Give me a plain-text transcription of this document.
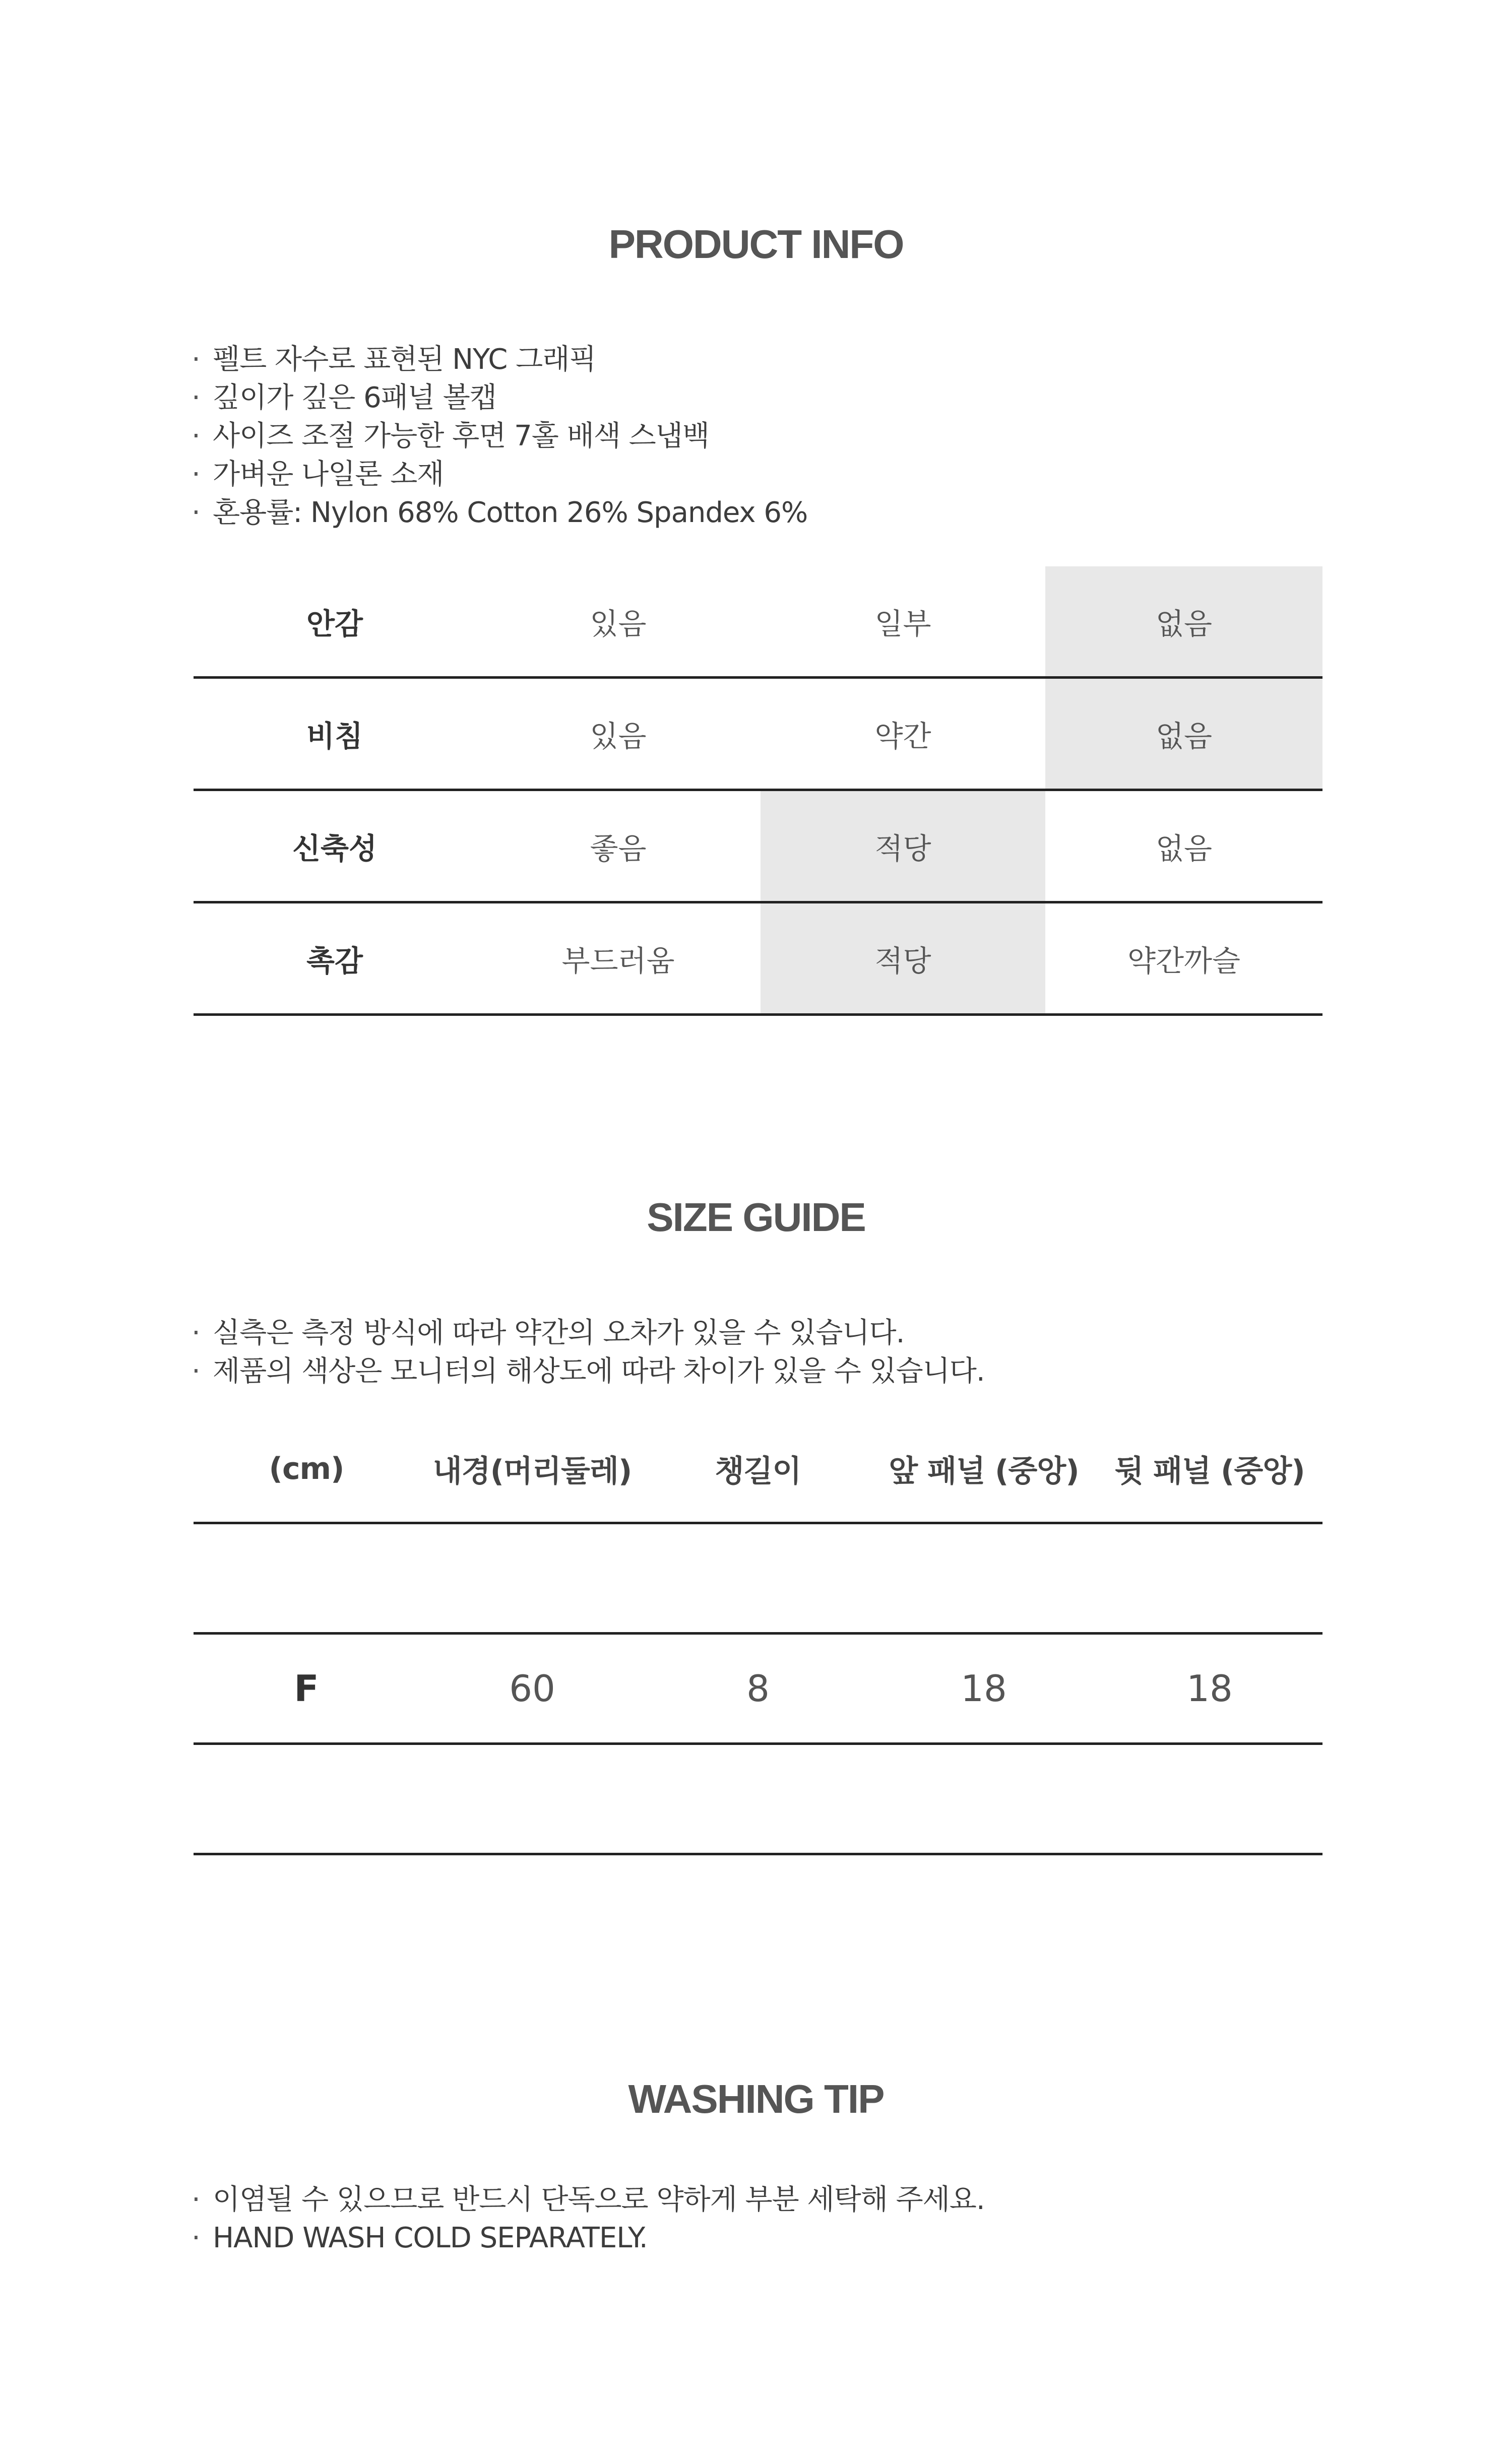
PRODUCT INFO
· 펠트 자수로 표현된 NYC 그래픽
· 깊이가 깊은 6패널 볼캡
· 사이즈 조절 가능한 후면 7홀 배색 스냅백
· 가벼운 나일론 소재
· 혼용률: Nylon 68% Cotton 26% Spandex 6%
안감	있음	일부	없음
비침	있음	약간	없음
신축성	좋음	적당	없음
촉감	부드러움	적당	약간까슬
SIZE GUIDE
· 실측은 측정 방식에 따라 약간의 오차가 있을 수 있습니다.
· 제품의 색상은 모니터의 해상도에 따라 차이가 있을 수 있습니다.
(cm)	내경(머리둘레)	챙길이	앞 패널 (중앙)	뒷 패널 (중앙)

F	60	8	18	18

WASHING TIP
· 이염될 수 있으므로 반드시 단독으로 약하게 부분 세탁해 주세요.
· HAND WASH COLD SEPARATELY.
